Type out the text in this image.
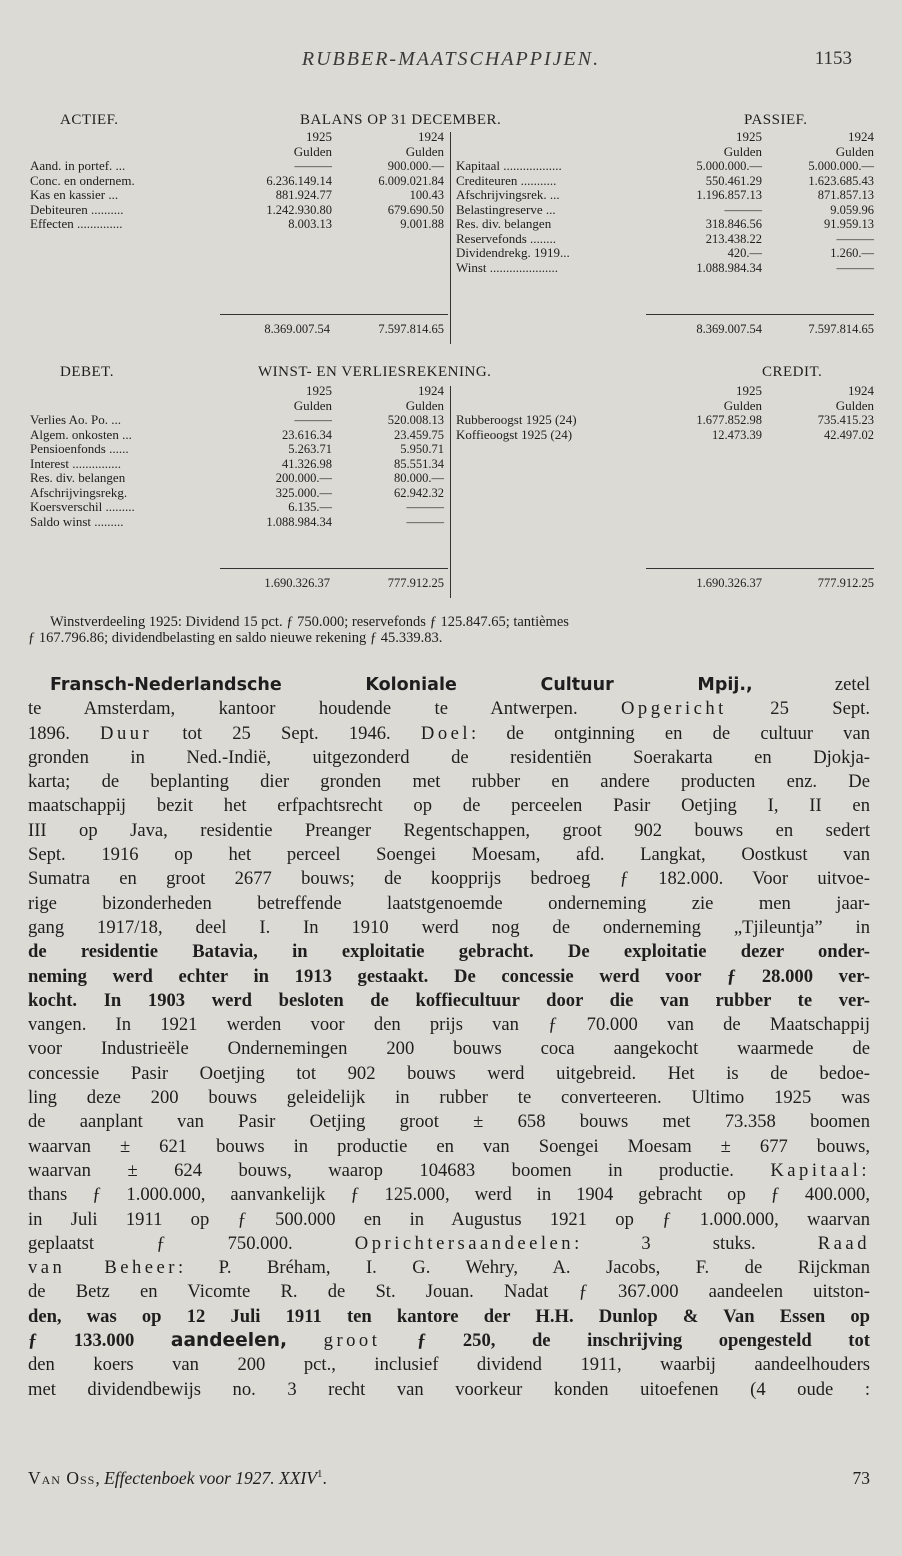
RUBBER-MAATSCHAPPIJEN.	1153
ACTIEF.	BALANS OP 31 DECEMBER.	PASSIEF.
	1925	1924
	Gulden	Gulden
Aand. in portef. ...	———	900.000.—
Conc. en ondernem.	6.236.149.14	6.009.021.84
Kas en kassier ...	881.924.77	100.43
Debiteuren ..........	1.242.930.80	679.690.50
Effecten ..............	8.003.13	9.001.88
	1925	1924
	Gulden	Gulden
Kapitaal ..................	5.000.000.—	5.000.000.—
Crediteuren ...........	550.461.29	1.623.685.43
Afschrijvingsrek. ...	1.196.857.13	871.857.13
Belastingreserve ...	———	9.059.96
Res. div. belangen	318.846.56	91.959.13
Reservefonds ........	213.438.22	———
Dividendrekg. 1919...	420.—	1.260.—
Winst .....................	1.088.984.34	———
8.369.007.54	7.597.814.65	8.369.007.54	7.597.814.65
DEBET.	WINST- EN VERLIESREKENING.	CREDIT.
	1925	1924
	Gulden	Gulden
Verlies Ao. Po. ...	———	520.008.13
Algem. onkosten ...	23.616.34	23.459.75
Pensioenfonds ......	5.263.71	5.950.71
Interest ...............	41.326.98	85.551.34
Res. div. belangen	200.000.—	80.000.—
Afschrijvingsrekg.	325.000.—	62.942.32
Koersverschil .........	6.135.—	———
Saldo winst .........	1.088.984.34	———
	1925	1924
	Gulden	Gulden
Rubberoogst 1925 (24)	1.677.852.98	735.415.23
Koffieoogst 1925 (24)	12.473.39	42.497.02
1.690.326.37	777.912.25	1.690.326.37	777.912.25
Winstverdeeling 1925: Dividend 15 pct. ƒ 750.000; reservefonds ƒ 125.847.65; tantièmes
ƒ 167.796.86; dividendbelasting en saldo nieuwe rekening ƒ 45.339.83.
Fransch-Nederlandsche Koloniale Cultuur Mpij., zetel
te Amsterdam, kantoor houdende te Antwerpen. Opgericht 25 Sept.
1896. Duur tot 25 Sept. 1946. Doel: de ontginning en de cultuur van
gronden in Ned.-Indië, uitgezonderd de residentiën Soerakarta en Djokja-
karta; de beplanting dier gronden met rubber en andere producten enz. De
maatschappij bezit het erfpachtsrecht op de perceelen Pasir Oetjing I, II en
III op Java, residentie Preanger Regentschappen, groot 902 bouws en sedert
Sept. 1916 op het perceel Soengei Moesam, afd. Langkat, Oostkust van
Sumatra en groot 2677 bouws; de koopprijs bedroeg ƒ 182.000. Voor uitvoe-
rige bizonderheden betreffende laatstgenoemde onderneming zie men jaar-
gang 1917/18, deel I. In 1910 werd nog de onderneming „Tjileuntja” in
de residentie Batavia, in exploitatie gebracht. De exploitatie dezer onder-
neming werd echter in 1913 gestaakt. De concessie werd voor ƒ 28.000 ver-
kocht. In 1903 werd besloten de koffiecultuur door die van rubber te ver-
vangen. In 1921 werden voor den prijs van ƒ 70.000 van de Maatschappij
voor Industrieële Ondernemingen 200 bouws coca aangekocht waarmede de
concessie Pasir Ooetjing tot 902 bouws werd uitgebreid. Het is de bedoe-
ling deze 200 bouws geleidelijk in rubber te converteeren. Ultimo 1925 was
de aanplant van Pasir Oetjing groot ± 658 bouws met 73.358 boomen
waarvan ± 621 bouws in productie en van Soengei Moesam ± 677 bouws,
waarvan ± 624 bouws, waarop 104683 boomen in productie. Kapitaal:
thans ƒ 1.000.000, aanvankelijk ƒ 125.000, werd in 1904 gebracht op ƒ 400.000,
in Juli 1911 op ƒ 500.000 en in Augustus 1921 op ƒ 1.000.000, waarvan
geplaatst ƒ 750.000. Oprichtersaandeelen: 3 stuks. Raad
van Beheer: P. Bréham, I. G. Wehry, A. Jacobs, F. de Rijckman
de Betz en Vicomte R. de St. Jouan. Nadat ƒ 367.000 aandeelen uitston-
den, was op 12 Juli 1911 ten kantore der H.H. Dunlop & Van Essen op
ƒ 133.000 aandeelen, groot ƒ 250, de inschrijving opengesteld tot
den koers van 200 pct., inclusief dividend 1911, waarbij aandeelhouders
met dividendbewijs no. 3 recht van voorkeur konden uitoefenen (4 oude :
Van Oss, Effectenboek voor 1927. XXIV$^1$.	73
